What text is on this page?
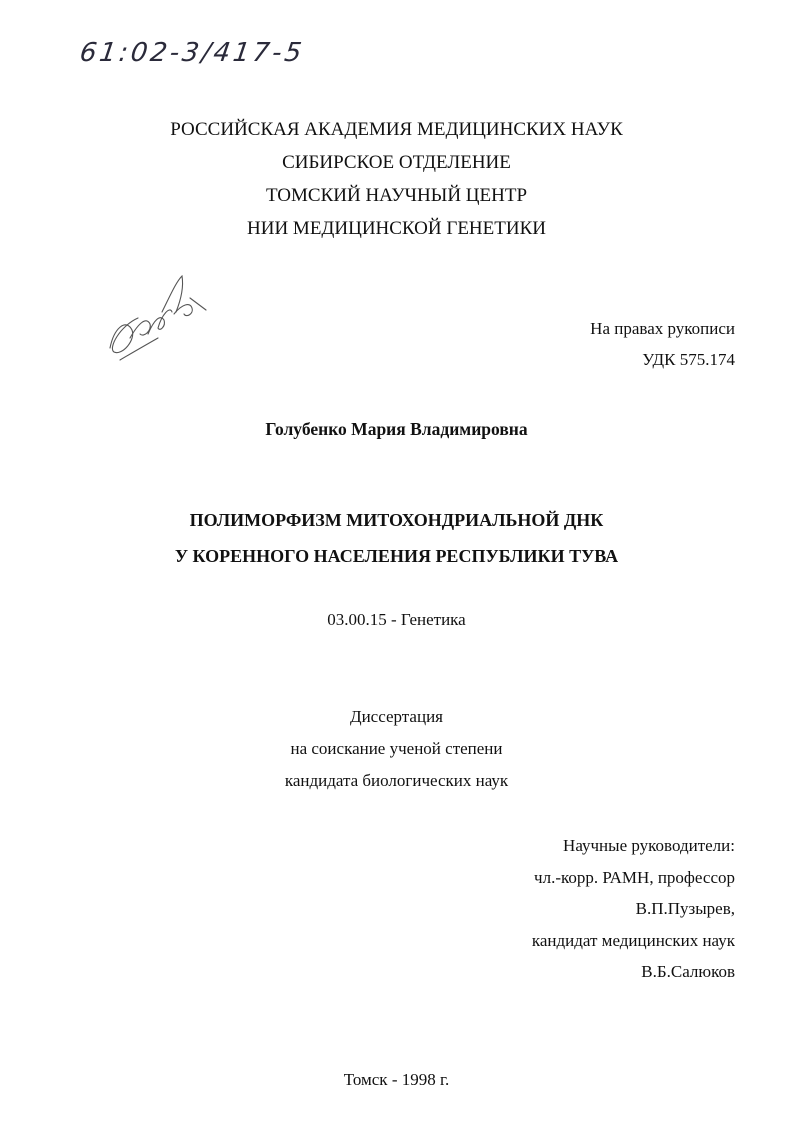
61:02-3/417-5
РОССИЙСКАЯ АКАДЕМИЯ МЕДИЦИНСКИХ НАУК
СИБИРСКОЕ ОТДЕЛЕНИЕ
ТОМСКИЙ НАУЧНЫЙ ЦЕНТР
НИИ МЕДИЦИНСКОЙ ГЕНЕТИКИ
На правах рукописи
УДК 575.174
Голубенко Мария Владимировна
ПОЛИМОРФИЗМ МИТОХОНДРИАЛЬНОЙ ДНК
У КОРЕННОГО НАСЕЛЕНИЯ РЕСПУБЛИКИ ТУВА
03.00.15 - Генетика
Диссертация
на соискание ученой степени
кандидата биологических наук
Научные руководители:
чл.-корр. РАМН, профессор
В.П.Пузырев,
кандидат медицинских наук
В.Б.Салюков
Томск - 1998 г.
